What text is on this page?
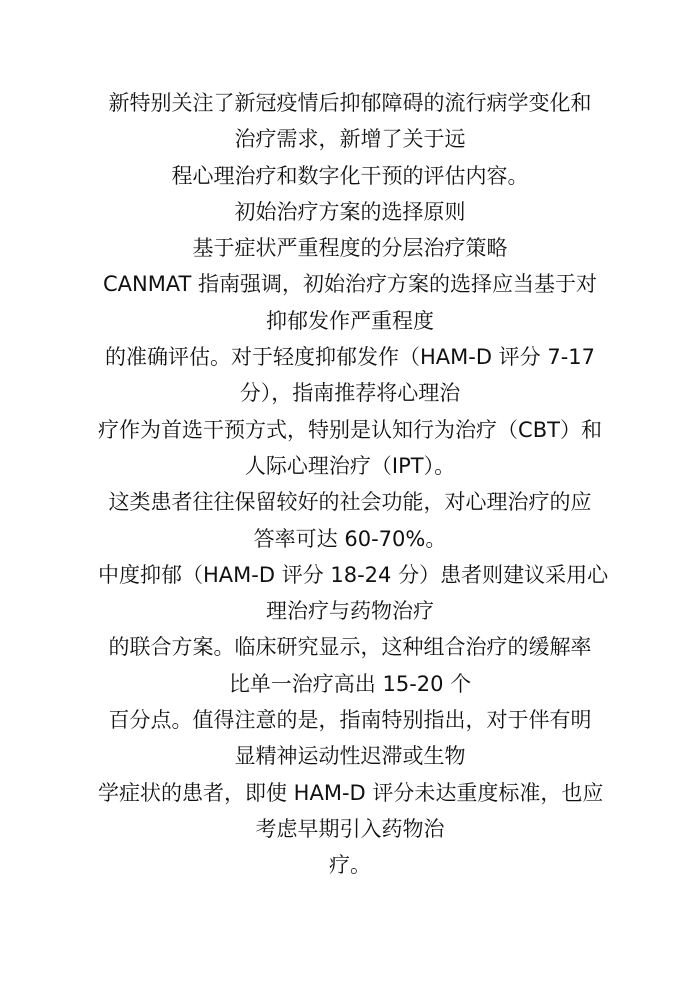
新特别关注了新冠疫情后抑郁障碍的流行病学变化和
治疗需求，新增了关于远
程心理治疗和数字化干预的评估内容。
初始治疗方案的选择原则
基于症状严重程度的分层治疗策略
CANMAT 指南强调，初始治疗方案的选择应当基于对
抑郁发作严重程度
的准确评估。对于轻度抑郁发作（HAM-D 评分 7-17
分），指南推荐将心理治
疗作为首选干预方式，特别是认知行为治疗（CBT）和
人际心理治疗（IPT）。
这类患者往往保留较好的社会功能，对心理治疗的应
答率可达 60-70%。
中度抑郁（HAM-D 评分 18-24 分）患者则建议采用心
理治疗与药物治疗
的联合方案。临床研究显示，这种组合治疗的缓解率
比单一治疗高出 15-20 个
百分点。值得注意的是，指南特别指出，对于伴有明
显精神运动性迟滞或生物
学症状的患者，即使 HAM-D 评分未达重度标准，也应
考虑早期引入药物治
疗。
